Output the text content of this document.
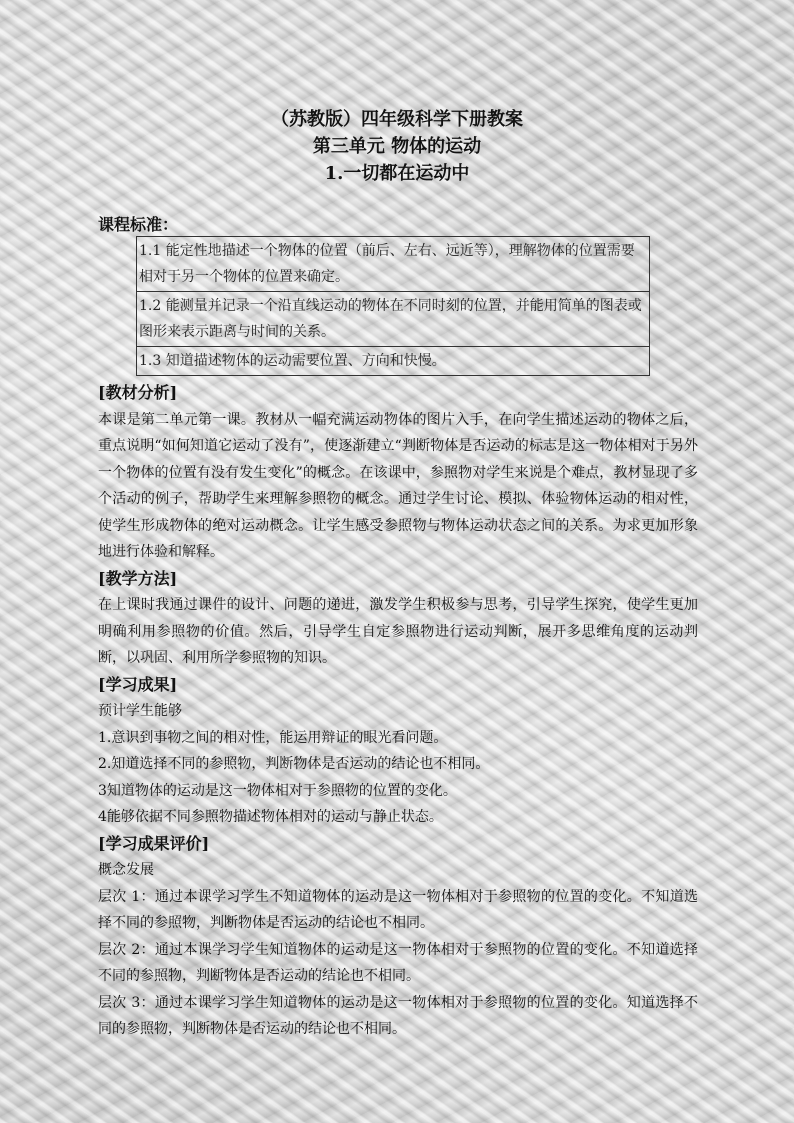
（苏教版）四年级科学下册教案
第三单元 物体的运动
1.一切都在运动中
课程标准：
1.1 能定性地描述一个物体的位置（前后、左右、远近等），理解物体的位置需要相对于另一个物体的位置来确定。
1.2 能测量并记录一个沿直线运动的物体在不同时刻的位置，并能用简单的图表或 图形来表示距离与时间的关系。
1.3 知道描述物体的运动需要位置、方向和快慢。

[教材分析]

本课是第二单元第一课。教材从一幅充满运动物体的图片入手，在向学生描述运动的物体之后，重点说明“如何知道它运动了没有”，使逐渐建立“判断物体是否运动的标志是这一物体相对于另外一个物体的位置有没有发生变化”的概念。在该课中，参照物对学生来说是个难点，教材显现了多个活动的例子，帮助学生来理解参照物的概念。通过学生讨论、模拟、体验物体运动的相对性，使学生形成物体的绝对运动概念。让学生感受参照物与物体运动状态之间的关系。为求更加形象地进行体验和解释。

[教学方法]

在上课时我通过课件的设计、问题的递进，激发学生积极参与思考，引导学生探究，使学生更加明确利用参照物的价值。然后，引导学生自定参照物进行运动判断，展开多思维角度的运动判断，以巩固、利用所学参照物的知识。

[学习成果]

预计学生能够

1.意识到事物之间的相对性，能运用辩证的眼光看问题。

2.知道选择不同的参照物，判断物体是否运动的结论也不相同。

3知道物体的运动是这一物体相对于参照物的位置的变化。

4能够依据不同参照物描述物体相对的运动与静止状态。

[学习成果评价]

概念发展

层次 1：通过本课学习学生不知道物体的运动是这一物体相对于参照物的位置的变化。不知道选择不同的参照物，判断物体是否运动的结论也不相同。

层次 2：通过本课学习学生知道物体的运动是这一物体相对于参照物的位置的变化。不知道选择不同的参照物，判断物体是否运动的结论也不相同。

层次 3：通过本课学习学生知道物体的运动是这一物体相对于参照物的位置的变化。知道选择不同的参照物，判断物体是否运动的结论也不相同。
